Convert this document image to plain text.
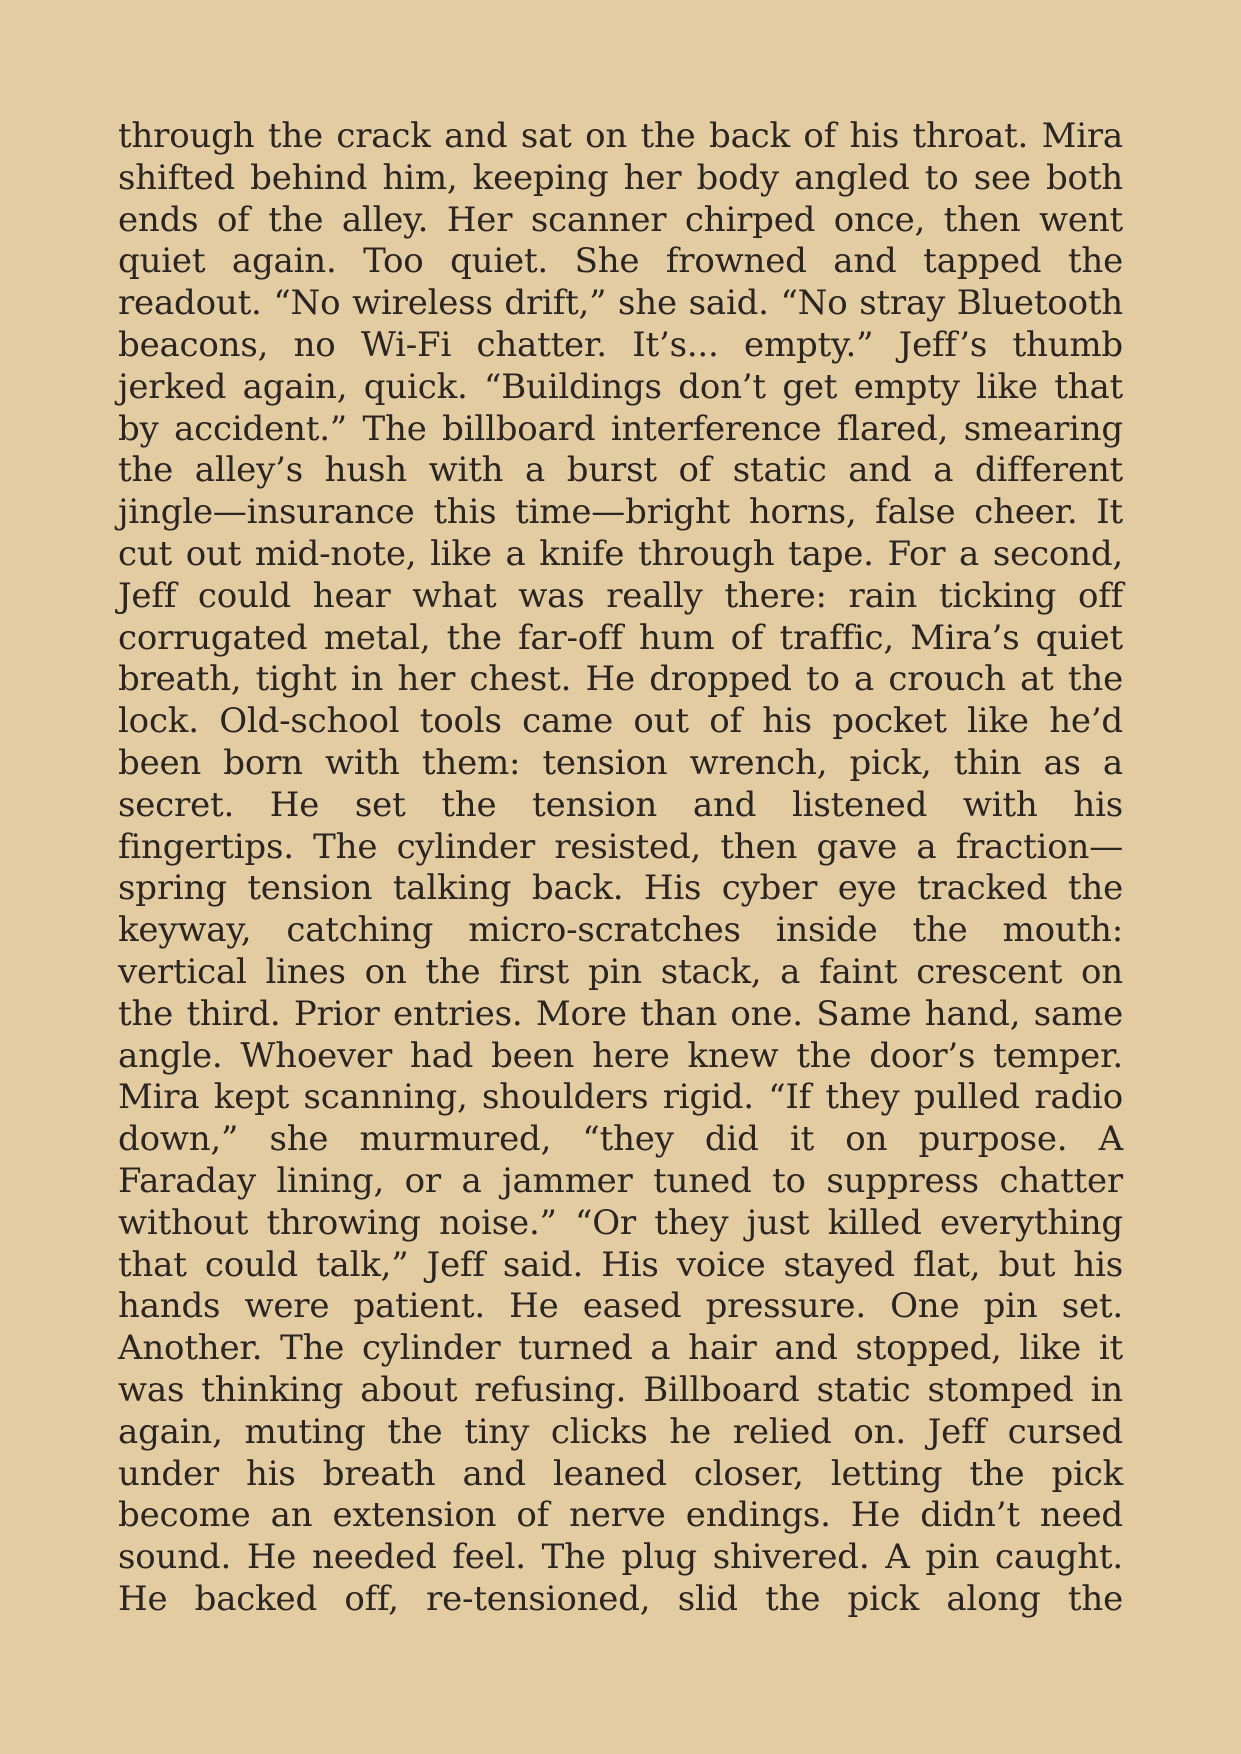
through the crack and sat on the back of his throat. Mira
shifted behind him, keeping her body angled to see both
ends of the alley. Her scanner chirped once, then went
quiet again. Too quiet. She frowned and tapped the
readout. “No wireless drift,” she said. “No stray Bluetooth
beacons, no Wi-Fi chatter. It’s... empty.” Jeff’s thumb
jerked again, quick. “Buildings don’t get empty like that
by accident.” The billboard interference flared, smearing
the alley’s hush with a burst of static and a different
jingle—insurance this time—bright horns, false cheer. It
cut out mid-note, like a knife through tape. For a second,
Jeff could hear what was really there: rain ticking off
corrugated metal, the far-off hum of traffic, Mira’s quiet
breath, tight in her chest. He dropped to a crouch at the
lock. Old-school tools came out of his pocket like he’d
been born with them: tension wrench, pick, thin as a
secret. He set the tension and listened with his
fingertips. The cylinder resisted, then gave a fraction—
spring tension talking back. His cyber eye tracked the
keyway, catching micro-scratches inside the mouth:
vertical lines on the first pin stack, a faint crescent on
the third. Prior entries. More than one. Same hand, same
angle. Whoever had been here knew the door’s temper.
Mira kept scanning, shoulders rigid. “If they pulled radio
down,” she murmured, “they did it on purpose. A
Faraday lining, or a jammer tuned to suppress chatter
without throwing noise.” “Or they just killed everything
that could talk,” Jeff said. His voice stayed flat, but his
hands were patient. He eased pressure. One pin set.
Another. The cylinder turned a hair and stopped, like it
was thinking about refusing. Billboard static stomped in
again, muting the tiny clicks he relied on. Jeff cursed
under his breath and leaned closer, letting the pick
become an extension of nerve endings. He didn’t need
sound. He needed feel. The plug shivered. A pin caught.
He backed off, re-tensioned, slid the pick along the
